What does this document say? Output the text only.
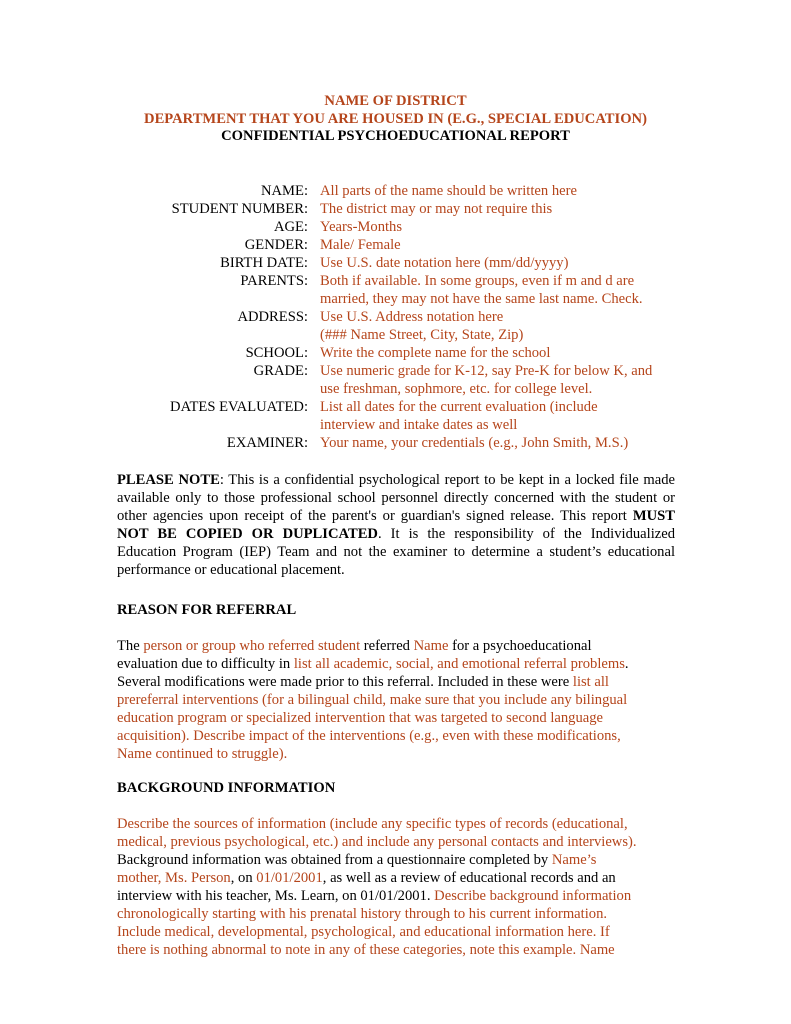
NAME OF DISTRICT
DEPARTMENT THAT YOU ARE HOUSED IN (E.G., SPECIAL EDUCATION)
CONFIDENTIAL PSYCHOEDUCATIONAL REPORT
NAME: All parts of the name should be written here
STUDENT NUMBER: The district may or may not require this
AGE: Years-Months
GENDER: Male/ Female
BIRTH DATE: Use U.S. date notation here (mm/dd/yyyy)
PARENTS: Both if available. In some groups, even if m and d are
married, they may not have the same last name. Check.
ADDRESS: Use U.S. Address notation here
(### Name Street, City, State, Zip)
SCHOOL: Write the complete name for the school
GRADE: Use numeric grade for K-12, say Pre-K for below K, and
use freshman, sophmore, etc. for college level.
DATES EVALUATED: List all dates for the current evaluation (include
interview and intake dates as well
EXAMINER: Your name, your credentials (e.g., John Smith, M.S.)
PLEASE NOTE: This is a confidential psychological report to be kept in a locked file made available only to those professional school personnel directly concerned with the student or other agencies upon receipt of the parent's or guardian's signed release. This report MUST NOT BE COPIED OR DUPLICATED. It is the responsibility of the Individualized Education Program (IEP) Team and not the examiner to determine a student’s educational performance or educational placement.
REASON FOR REFERRAL
The person or group who referred student referred Name for a psychoeducational
evaluation due to difficulty in list all academic, social, and emotional referral problems.
Several modifications were made prior to this referral. Included in these were list all
prereferral interventions (for a bilingual child, make sure that you include any bilingual
education program or specialized intervention that was targeted to second language
acquisition). Describe impact of the interventions (e.g., even with these modifications,
Name continued to struggle).
BACKGROUND INFORMATION
Describe the sources of information (include any specific types of records (educational,
medical, previous psychological, etc.) and include any personal contacts and interviews).
Background information was obtained from a questionnaire completed by Name’s
mother, Ms. Person, on 01/01/2001, as well as a review of educational records and an
interview with his teacher, Ms. Learn, on 01/01/2001. Describe background information
chronologically starting with his prenatal history through to his current information.
Include medical, developmental, psychological, and educational information here. If
there is nothing abnormal to note in any of these categories, note this example. Name
